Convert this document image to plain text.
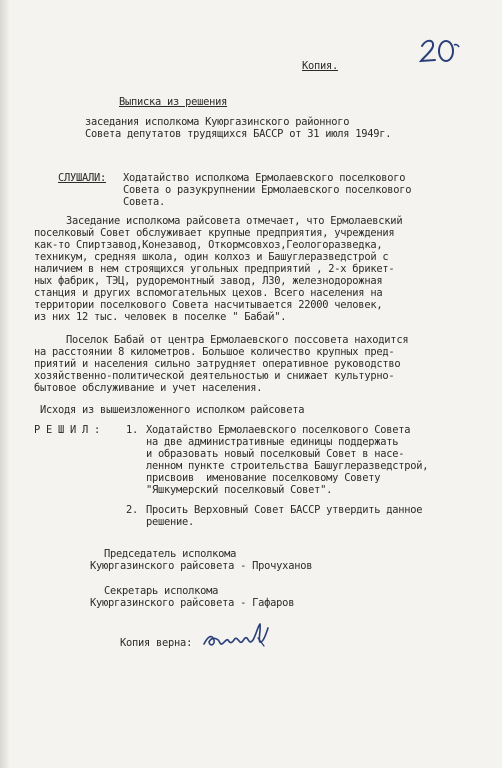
Копия.
Выписка из решения
заседания исполкома Куюргазинского районного
Совета депутатов трудящихся БАССР от 31 июля 1949г.
СЛУШАЛИ: Ходатайство исполкома Ермолаевского поселкового
Совета о разукрупнении Ермолаевского поселкового
Совета.
Заседание исполкома райсовета отмечает, что Ермолаевский
поселковый Совет обслуживает крупные предприятия, учреждения
как-то Спиртзавод,Конезавод, Откормсовхоз,Геологоразведка,
техникум, средняя школа, один колхоз и Башуглеразведстрой с
наличием в нем строящихся угольных предприятий , 2-х брикет-
ных фабрик, ТЭЦ, рудоремонтный завод, Л30, железнодорожная
станция и других вспомогательных цехов. Всего населения на
территории поселкового Совета насчитывается 22000 человек,
из них 12 тыс. человек в поселке " Бабай".
Поселок Бабай от центра Ермолаевского поссовета находится
на расстоянии 8 километров. Большое количество крупных пред-
приятий и населения сильно затрудняет оперативное руководство
хозяйственно-политической деятельностью и снижает культурно-
бытовое обслуживание и учет населения.
Исходя из вышеизложенного исполком райсовета
Р Е Ш И Л : 1. Ходатайство Ермолаевского поселкового Совета
на две административные единицы поддержать
и образовать новый поселковый Совет в насе-
ленном пункте строительства Башуглеразведстрой,
присвоив  именование поселковому Совету
"Яшкумерский поселковый Совет".
2. Просить Верховный Совет БАССР утвердить данное
решение.
Председатель исполкома
Куюргазинского райсовета - Прочуханов
Секретарь исполкома
Куюргазинского райсовета - Гафаров
Копия верна:
